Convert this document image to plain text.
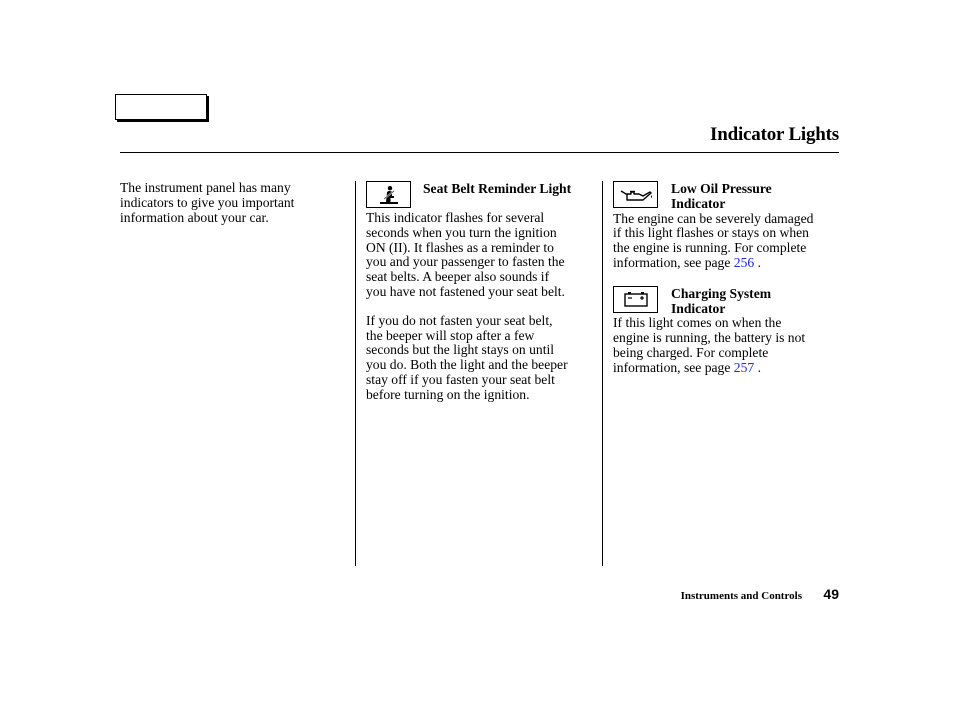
Indicator Lights

The instrument panel has many

indicators to give you important

information about your car.

Seat Belt Reminder Light

This indicator flashes for several

seconds when you turn the ignition

ON (II). It flashes as a reminder to

you and your passenger to fasten the

seat belts. A beeper also sounds if

you have not fastened your seat belt.

If you do not fasten your seat belt,

the beeper will stop after a few

seconds but the light stays on until

you do. Both the light and the beeper

stay off if you fasten your seat belt

before turning on the ignition.

Low Oil Pressure
Indicator

The engine can be severely damaged

if this light flashes or stays on when

the engine is running. For complete

information, see page 256 .

Charging System
Indicator

If this light comes on when the

engine is running, the battery is not

being charged. For complete

information, see page 257 .

Instruments and Controls 49
